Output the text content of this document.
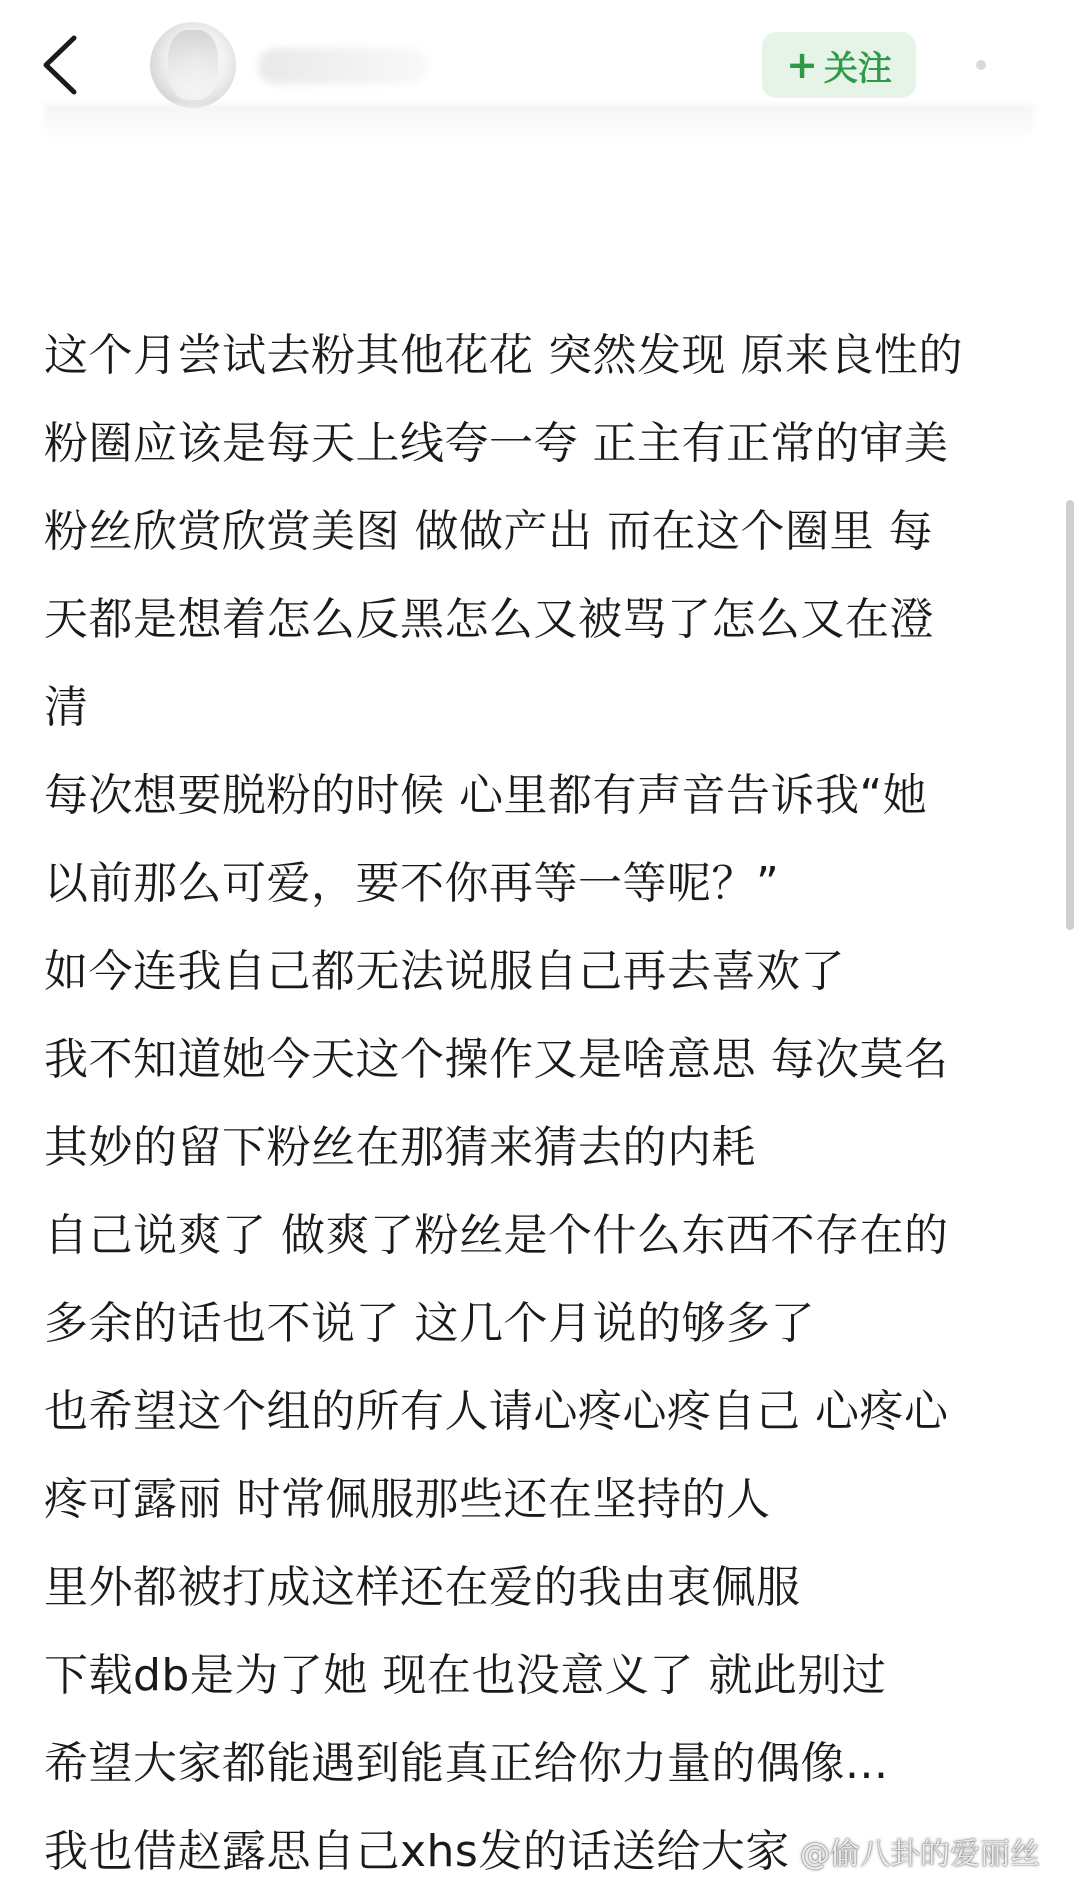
+ 关注
这个月尝试去粉其他花花 突然发现 原来良性的
粉圈应该是每天上线夸一夸 正主有正常的审美
粉丝欣赏欣赏美图 做做产出 而在这个圈里 每
天都是想着怎么反黑怎么又被骂了怎么又在澄
清
每次想要脱粉的时候 心里都有声音告诉我“她
以前那么可爱，要不你再等一等呢？”
如今连我自己都无法说服自己再去喜欢了
我不知道她今天这个操作又是啥意思 每次莫名
其妙的留下粉丝在那猜来猜去的内耗
自己说爽了 做爽了粉丝是个什么东西不存在的
多余的话也不说了 这几个月说的够多了
也希望这个组的所有人请心疼心疼自己 心疼心
疼可露丽 时常佩服那些还在坚持的人
里外都被打成这样还在爱的我由衷佩服
下载db是为了她 现在也没意义了 就此别过
希望大家都能遇到能真正给你力量的偶像...
我也借赵露思自己xhs发的话送给大家 @偷八卦的爱丽丝
